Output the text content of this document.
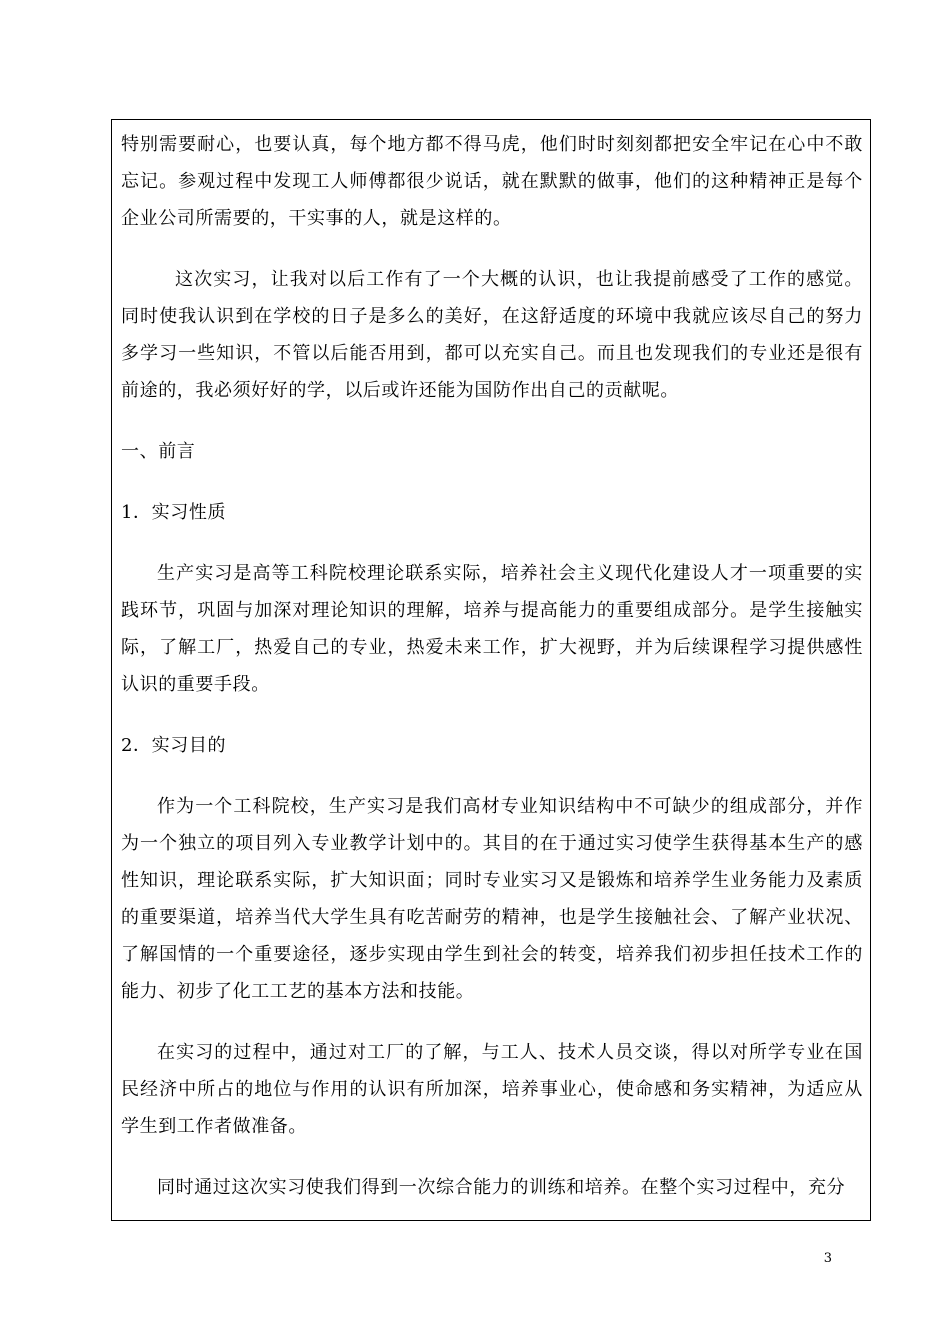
特别需要耐心，也要认真，每个地方都不得马虎，他们时时刻刻都把安全牢记在心中不敢忘记。参观过程中发现工人师傅都很少说话，就在默默的做事，他们的这种精神正是每个企业公司所需要的，干实事的人，就是这样的。

这次实习，让我对以后工作有了一个大概的认识，也让我提前感受了工作的感觉。同时使我认识到在学校的日子是多么的美好，在这舒适度的环境中我就应该尽自己的努力多学习一些知识，不管以后能否用到，都可以充实自己。而且也发现我们的专业还是很有前途的，我必须好好的学，以后或许还能为国防作出自己的贡献呢。

一、前言

1．实习性质

生产实习是高等工科院校理论联系实际，培养社会主义现代化建设人才一项重要的实践环节，巩固与加深对理论知识的理解，培养与提高能力的重要组成部分。是学生接触实际，了解工厂，热爱自己的专业，热爱未来工作，扩大视野，并为后续课程学习提供感性认识的重要手段。

2．实习目的

作为一个工科院校，生产实习是我们高材专业知识结构中不可缺少的组成部分，并作为一个独立的项目列入专业教学计划中的。其目的在于通过实习使学生获得基本生产的感性知识，理论联系实际，扩大知识面；同时专业实习又是锻炼和培养学生业务能力及素质的重要渠道，培养当代大学生具有吃苦耐劳的精神，也是学生接触社会、了解产业状况、了解国情的一个重要途径，逐步实现由学生到社会的转变，培养我们初步担任技术工作的能力、初步了化工工艺的基本方法和技能。

在实习的过程中，通过对工厂的了解，与工人、技术人员交谈，得以对所学专业在国民经济中所占的地位与作用的认识有所加深，培养事业心，使命感和务实精神，为适应从学生到工作者做准备。

同时通过这次实习使我们得到一次综合能力的训练和培养。在整个实习过程中，充分

3
